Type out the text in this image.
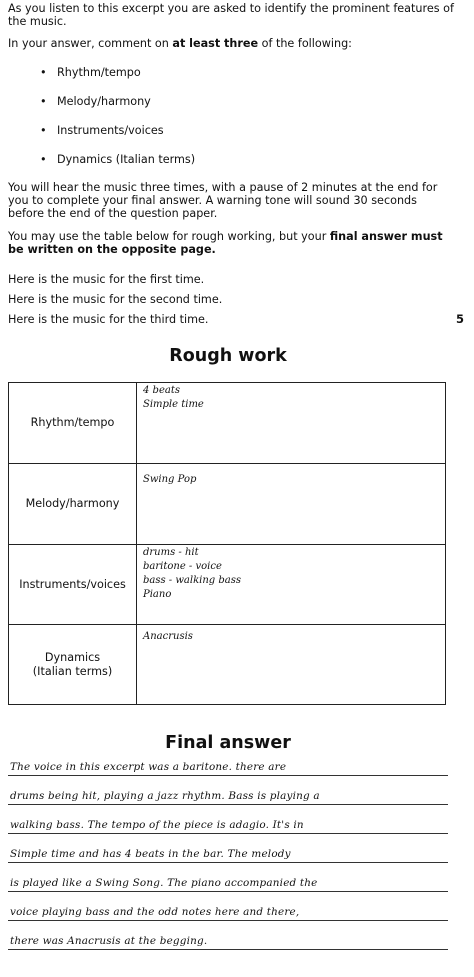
As you listen to this excerpt you are asked to identify the prominent features of the music.

In your answer, comment on at least three of the following:

• Rhythm/tempo
• Melody/harmony
• Instruments/voices
• Dynamics (Italian terms)

You will hear the music three times, with a pause of 2 minutes at the end for you to complete your final answer. A warning tone will sound 30 seconds before the end of the question paper.

You may use the table below for rough working, but your final answer must be written on the opposite page.

Here is the music for the first time.

Here is the music for the second time.

Here is the music for the third time.	5
Rough work
Rhythm/tempo	4 beats
Simple time

Melody/harmony	Swing Pop

Instruments/voices	drums - hit
baritone - voice
bass - walking bass
Piano

Dynamics
(Italian terms)	Anacrusis
Final answer
The voice in this excerpt was a baritone. there are
drums being hit, playing a jazz rhythm. Bass is playing a
walking bass. The tempo of the piece is adagio. It's in
Simple time and has 4 beats in the bar. The melody
is played like a Swing Song. The piano accompanied the
voice playing bass and the odd notes here and there,
there was Anacrusis at the begging.
